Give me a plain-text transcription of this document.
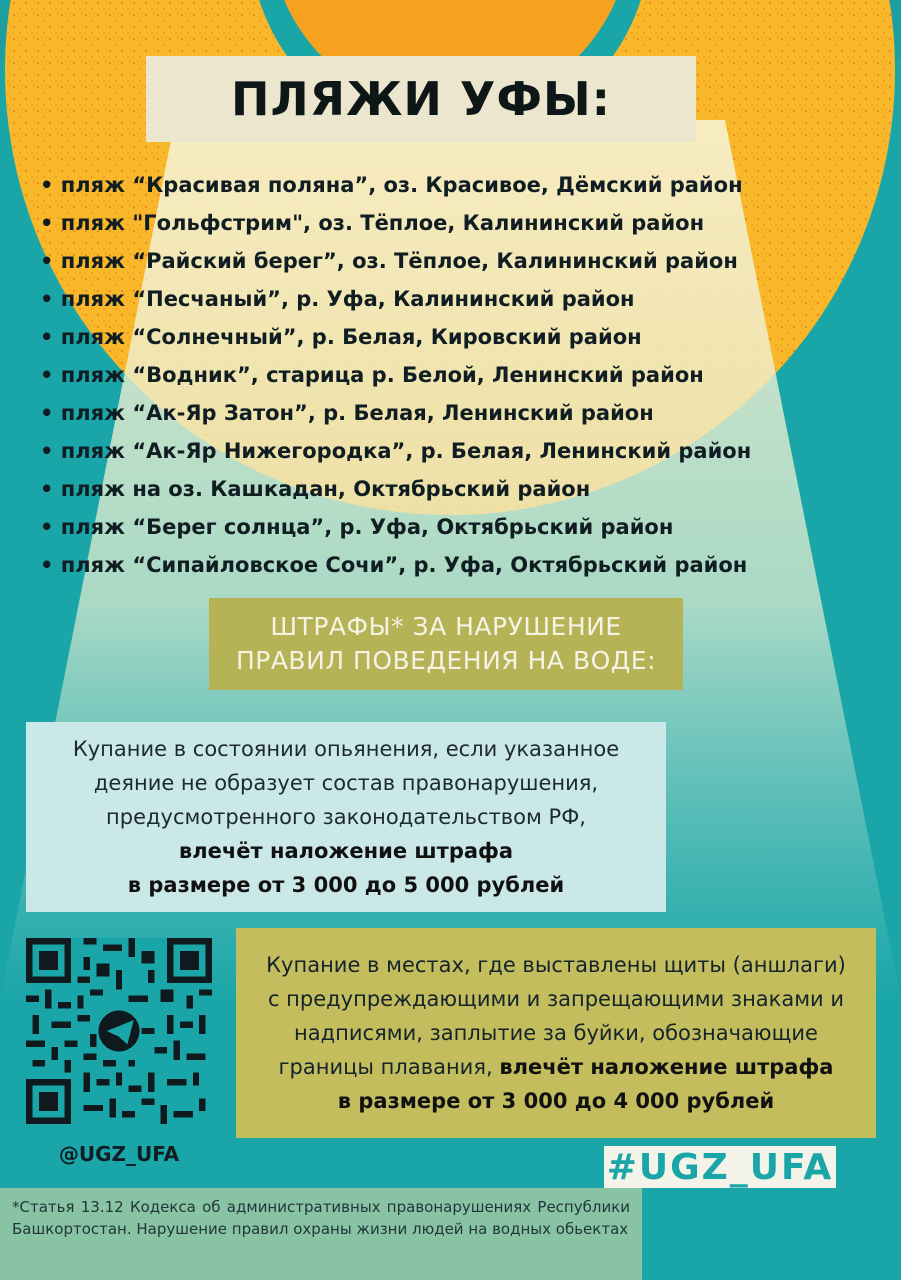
ПЛЯЖИ УФЫ:
• пляж “Красивая поляна”, оз. Красивое, Дёмский район
• пляж "Гольфстрим", оз. Тёплое, Калининский район
• пляж “Райский берег”, оз. Тёплое, Калининский район
• пляж “Песчаный”, р. Уфа, Калининский район
• пляж “Солнечный”, р. Белая, Кировский район
• пляж “Водник”, старица р. Белой, Ленинский район
• пляж “Ак-Яр Затон”, р. Белая, Ленинский район
• пляж “Ак-Яр Нижегородка”, р. Белая, Ленинский район
• пляж на оз. Кашкадан, Октябрьский район
• пляж “Берег солнца”, р. Уфа, Октябрьский район
• пляж “Сипайловское Сочи”, р. Уфа, Октябрьский район
ШТРАФЫ* ЗА НАРУШЕНИЕ
ПРАВИЛ ПОВЕДЕНИЯ НА ВОДЕ:
Купание в состоянии опьянения, если указанное
деяние не образует состав правонарушения,
предусмотренного законодательством РФ,
влечёт наложение штрафа
в размере от 3 000 до 5 000 рублей
Купание в местах, где выставлены щиты (аншлаги)
с предупреждающими и запрещающими знаками и
надписями, заплытие за буйки, обозначающие
границы плавания, влечёт наложение штрафа
в размере от 3 000 до 4 000 рублей
@UGZ_UFA	#UGZ_UFA
*Статья 13.12 Кодекса об административных правонарушениях Республики Башкортостан. Нарушение правил охраны жизни людей на водных обьектах
